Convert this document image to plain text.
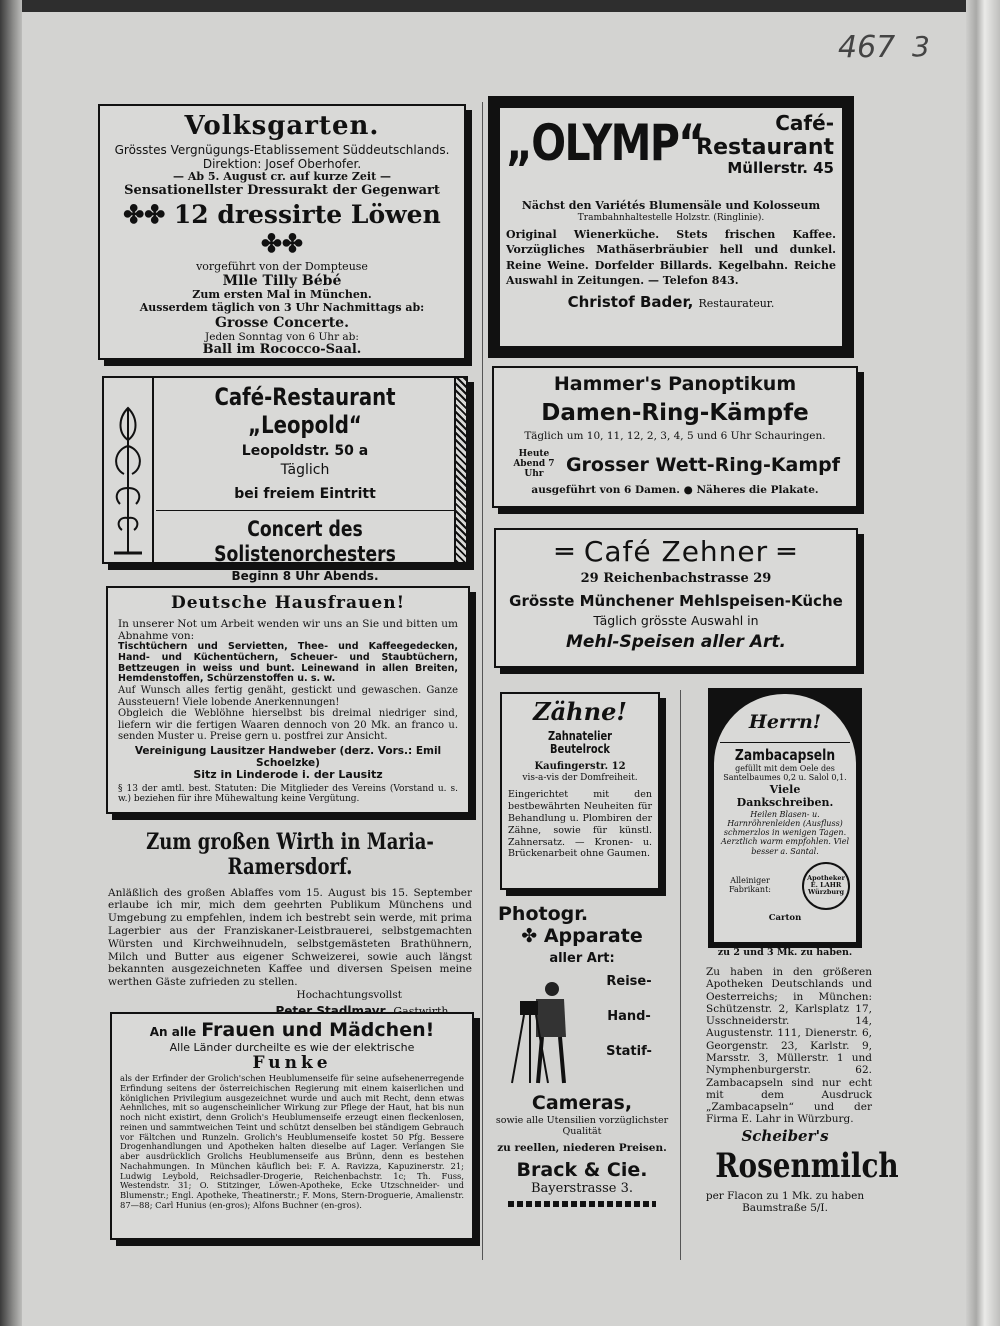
467 3
Volksgarten.
Grösstes Vergnügungs-Etablissement Süddeutschlands.
Direktion: Josef Oberhofer.
— Ab 5. August cr. auf kurze Zeit —
Sensationellster Dressurakt der Gegenwart
✤✤ 12 dressirte Löwen ✤✤
vorgeführt von der Dompteuse
Mlle Tilly Bébé
Zum ersten Mal in München.
Ausserdem täglich von 3 Uhr Nachmittags ab:
Grosse Concerte.
Jeden Sonntag von 6 Uhr ab:
Ball im Rococco-Saal.
„OLYMP“	Café-
Restaurant
Müllerstr. 45
Nächst den Variétés Blumensäle und Kolosseum
Trambahnhaltestelle Holzstr. (Ringlinie).
Original Wienerküche. Stets frischen Kaffee. Vorzügliches Mathäserbräubier hell und dunkel. Reine Weine. Dorfelder Billards. Kegelbahn. Reiche Auswahl in Zeitungen. — Telefon 843.
Christof Bader, Restaurateur.
Café-Restaurant „Leopold“
Leopoldstr. 50 a
Täglich
bei freiem Eintritt
Concert des Solistenorchesters
Beginn 8 Uhr Abends.
Hammer's Panoptikum
Damen-Ring-Kämpfe
Täglich um 10, 11, 12, 2, 3, 4, 5 und 6 Uhr Schauringen.
Heute Abend 7 Uhr	Grosser Wett-Ring-Kampf
ausgeführt von 6 Damen. ● Näheres die Plakate.
═ Café Zehner ═
29 Reichenbachstrasse 29
Grösste Münchener Mehlspeisen-Küche
Täglich grösste Auswahl in
Mehl-Speisen aller Art.
Deutsche Hausfrauen!
In unserer Not um Arbeit wenden wir uns an Sie und bitten um Abnahme von:
Tischtüchern und Servietten, Thee- und Kaffeegedecken, Hand- und Küchentüchern, Scheuer- und Staubtüchern, Bettzeugen in weiss und bunt. Leinewand in allen Breiten, Hemdenstoffen, Schürzenstoffen u. s. w.
Auf Wunsch alles fertig genäht, gestickt und gewaschen. Ganze Aussteuern! Viele lobende Anerkennungen!
Obgleich die Weblöhne hierselbst bis dreimal niedriger sind, liefern wir die fertigen Waaren dennoch von 20 Mk. an franco u. senden Muster u. Preise gern u. postfrei zur Ansicht.
Vereinigung Lausitzer Handweber (derz. Vors.: Emil Schoelzke)
Sitz in Linderode i. der Lausitz
§ 13 der amtl. best. Statuten: Die Mitglieder des Vereins (Vorstand u. s. w.) beziehen für ihre Mühewaltung keine Vergütung.
Zum großen Wirth in Maria-Ramersdorf.
Anläßlich des großen Ablaffes vom 15. August bis 15. September erlaube ich mir, mich dem geehrten Publikum Münchens und Umgebung zu empfehlen, indem ich bestrebt sein werde, mit prima Lagerbier aus der Franziskaner-Leistbrauerei, selbstgemachten Würsten und Kirchweihnudeln, selbstgemästeten Brathühnern, Milch und Butter aus eigener Schweizerei, sowie auch längst bekannten ausgezeichneten Kaffee und diversen Speisen meine werthen Gäste zufrieden zu stellen.
Hochachtungsvollst
An alle Frauen und Mädchen!
Alle Länder durcheilte es wie der elektrische
Funke
als der Erfinder der Grolich'schen Heublumenseife für seine aufsehenerregende Erfindung seitens der österreichischen Regierung mit einem kaiserlichen und königlichen Privilegium ausgezeichnet wurde und auch mit Recht, denn etwas Aehnliches, mit so augenscheinlicher Wirkung zur Pflege der Haut, hat bis nun noch nicht existirt, denn Grolich's Heublumenseife erzeugt einen fleckenlosen, reinen und sammtweichen Teint und schützt denselben bei ständigem Gebrauch vor Fältchen und Runzeln. Grolich's Heublumenseife kostet 50 Pfg. Bessere Drogenhandlungen und Apotheken halten dieselbe auf Lager. Verlangen Sie aber ausdrücklich Grolichs Heublumenseife aus Brünn, denn es bestehen Nachahmungen. In München käuflich bei: F. A. Ravizza, Kapuzinerstr. 21; Ludwig Leybold, Reichsadler-Drogerie, Reichenbachstr. 1c; Th. Fuss, Westendstr. 31; O. Stitzinger, Löwen-Apotheke, Ecke Utzschneider- und Blumenstr.; Engl. Apotheke, Theatinerstr.; F. Mons, Stern-Droguerie, Amalienstr. 87—88; Carl Hunius (en-gros); Alfons Buchner (en-gros).
Zähne!
Zahnatelier Beutelrock
Kaufingerstr. 12
vis-a-vis der Domfreiheit.
Eingerichtet mit den bestbewährten Neuheiten für Behandlung u. Plombiren der Zähne, sowie für künstl. Zahnersatz. — Kronen- u. Brückenarbeit ohne Gaumen.
Photogr.
✤ Apparate
aller Art:
Reise-
Hand-
Statif-
Cameras,
sowie alle Utensilien vorzüglichster Qualität
zu reellen, niederen Preisen.
Brack & Cie.
Bayerstrasse 3.
Herrn!
Zambacapseln
gefüllt mit dem Oele des Santelbaumes 0,2 u. Salol 0,1.
Viele Dankschreiben.
Heilen Blasen- u. Harnröhrenleiden (Ausfluss) schmerzlos in wenigen Tagen.
Aerztlich warm empfohlen. Viel besser a. Santal.
Alleiniger Fabrikant:
Apotheker E. LAHR Würzburg
Carton
zu 2 und 3 Mk. zu haben.
Zu haben in den größeren Apotheken Deutschlands und Oesterreichs; in München: Schützenstr. 2, Karlsplatz 17, Usschneiderstr. 14, Augustenstr. 111, Dienerstr. 6, Georgenstr. 23, Karlstr. 9, Marsstr. 3, Müllerstr. 1 und Nymphenburgerstr. 62. Zambacapseln sind nur echt mit dem Ausdruck „Zambacapseln“ und der Firma E. Lahr in Würzburg.
Scheiber's
Rosenmilch
per Flacon zu 1 Mk. zu haben
Baumstraße 5/I.
